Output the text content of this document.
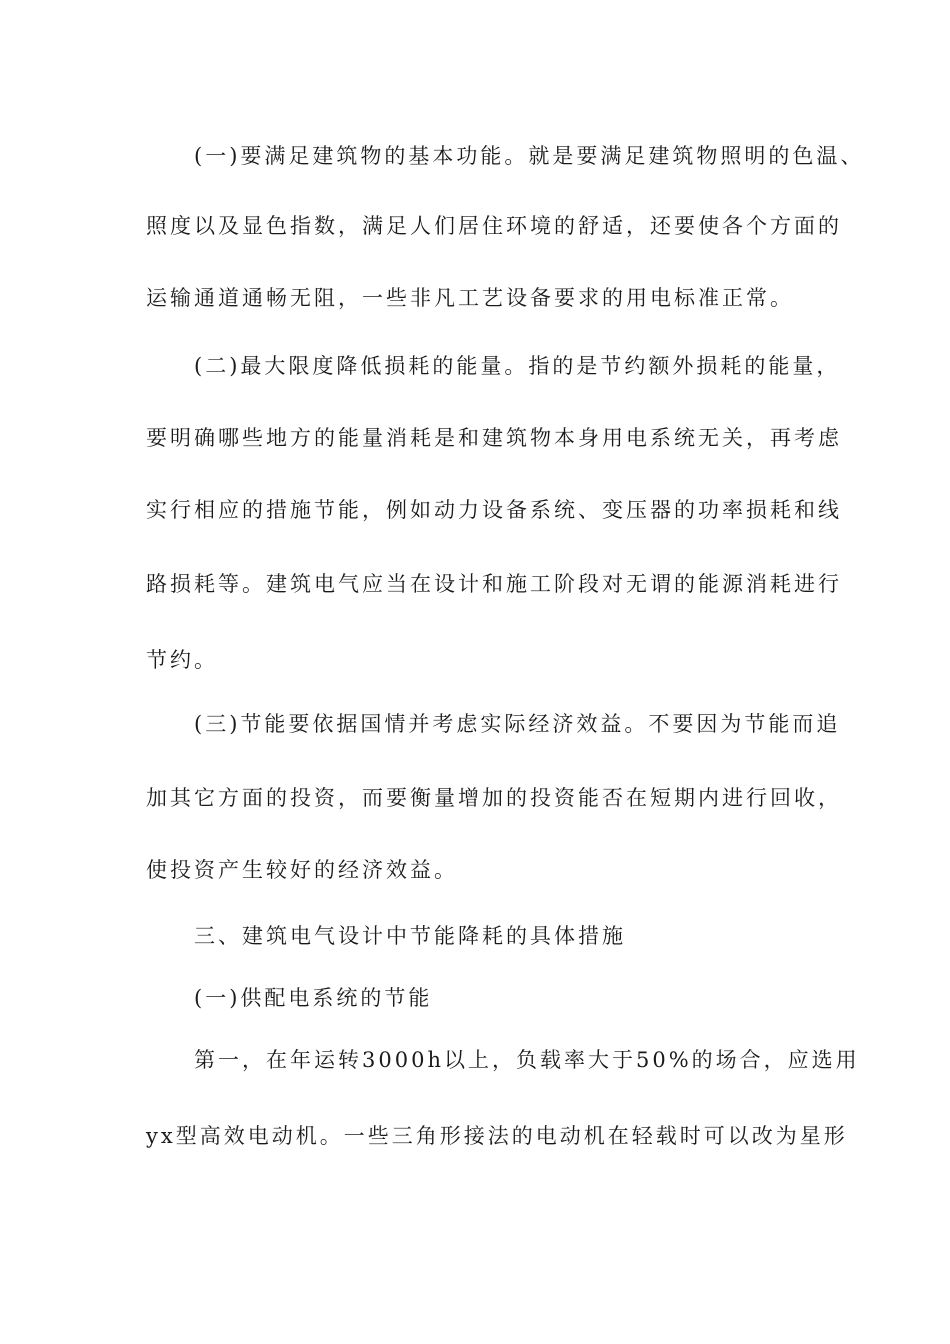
(一)要满足建筑物的基本功能。就是要满足建筑物照明的色温、
照度以及显色指数，满足人们居住环境的舒适，还要使各个方面的
运输通道通畅无阻，一些非凡工艺设备要求的用电标准正常。
(二)最大限度降低损耗的能量。指的是节约额外损耗的能量，
要明确哪些地方的能量消耗是和建筑物本身用电系统无关，再考虑
实行相应的措施节能，例如动力设备系统、变压器的功率损耗和线
路损耗等。建筑电气应当在设计和施工阶段对无谓的能源消耗进行
节约。
(三)节能要依据国情并考虑实际经济效益。不要因为节能而追
加其它方面的投资，而要衡量增加的投资能否在短期内进行回收，
使投资产生较好的经济效益。
三、建筑电气设计中节能降耗的具体措施
(一)供配电系统的节能
第一，在年运转3000h以上，负载率大于50%的场合，应选用
yx型高效电动机。一些三角形接法的电动机在轻载时可以改为星形
